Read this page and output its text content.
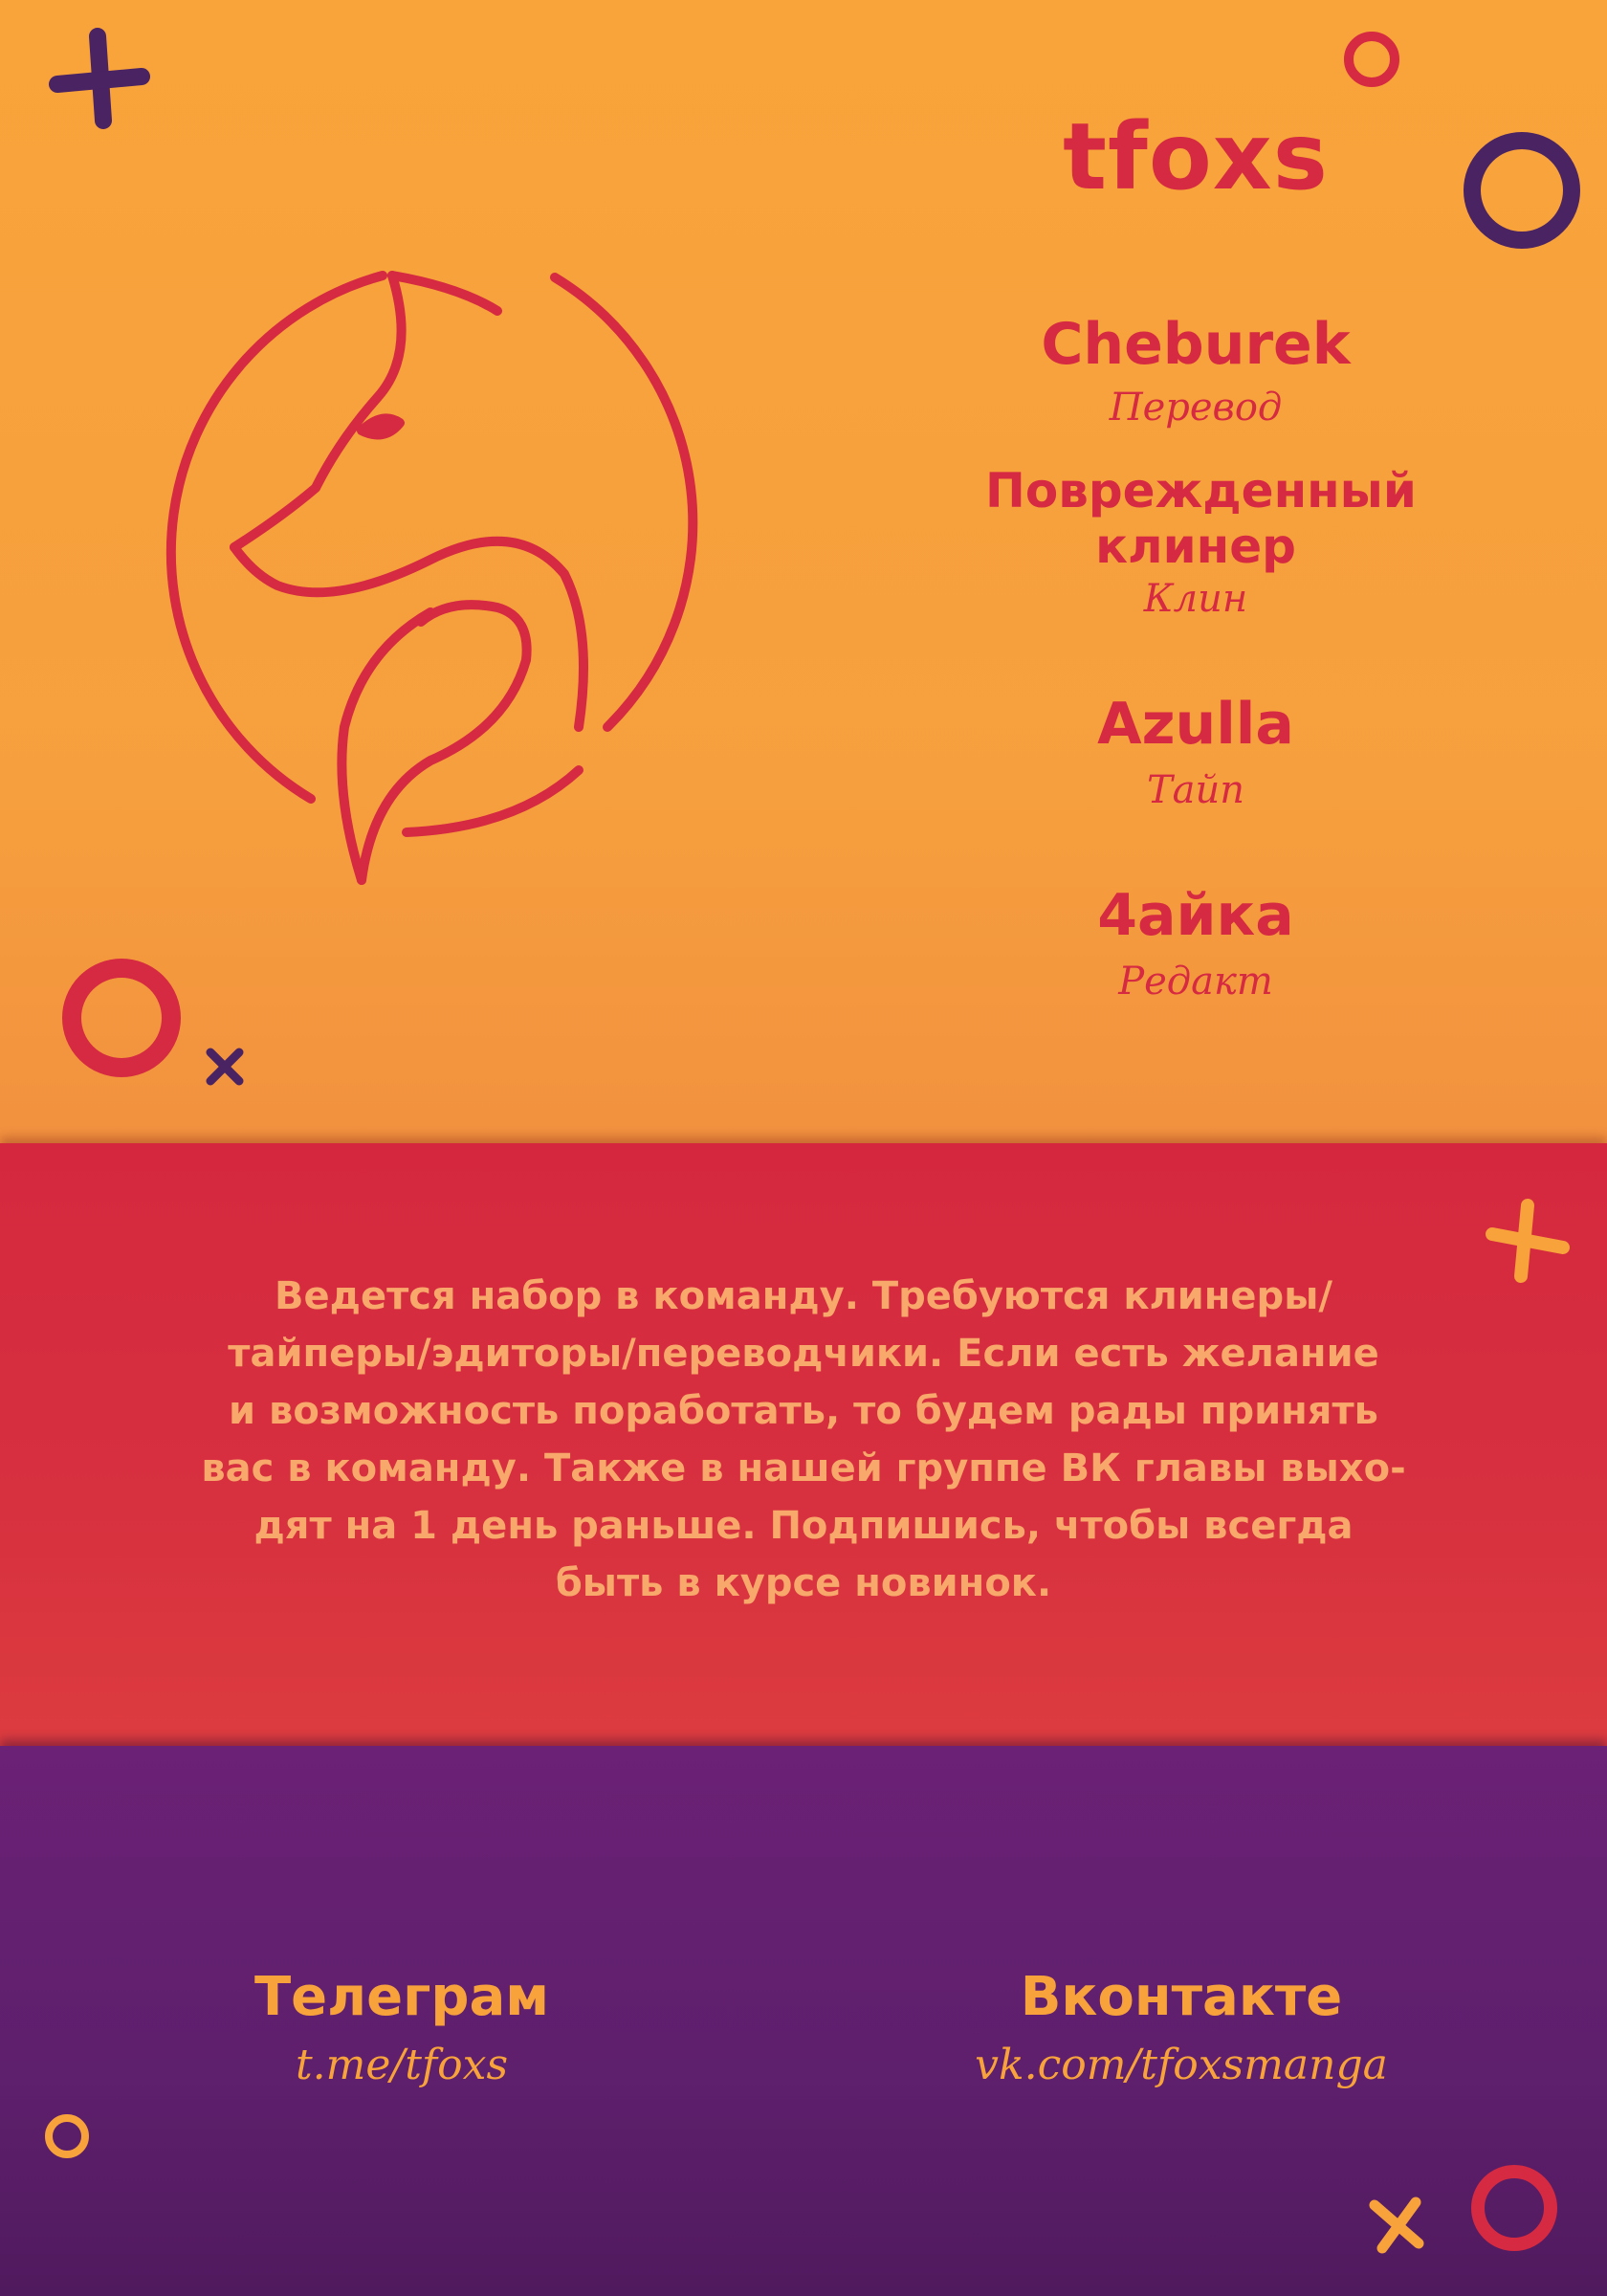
tfoxs
Cheburek
Перевод
Поврежденный клинер
Клин
Azulla
Тайп
4айка
Редакт
Ведется набор в команду. Требуются клинеры/
тайперы/эдиторы/переводчики. Если есть желание
и возможность поработать, то будем рады принять
вас в команду. Также в нашей группе ВК главы выхо-
дят на 1 день раньше. Подпишись, чтобы всегда
быть в курсе новинок.
Телеграм
t.me/tfoxs
Вконтакте
vk.com/tfoxsmanga
